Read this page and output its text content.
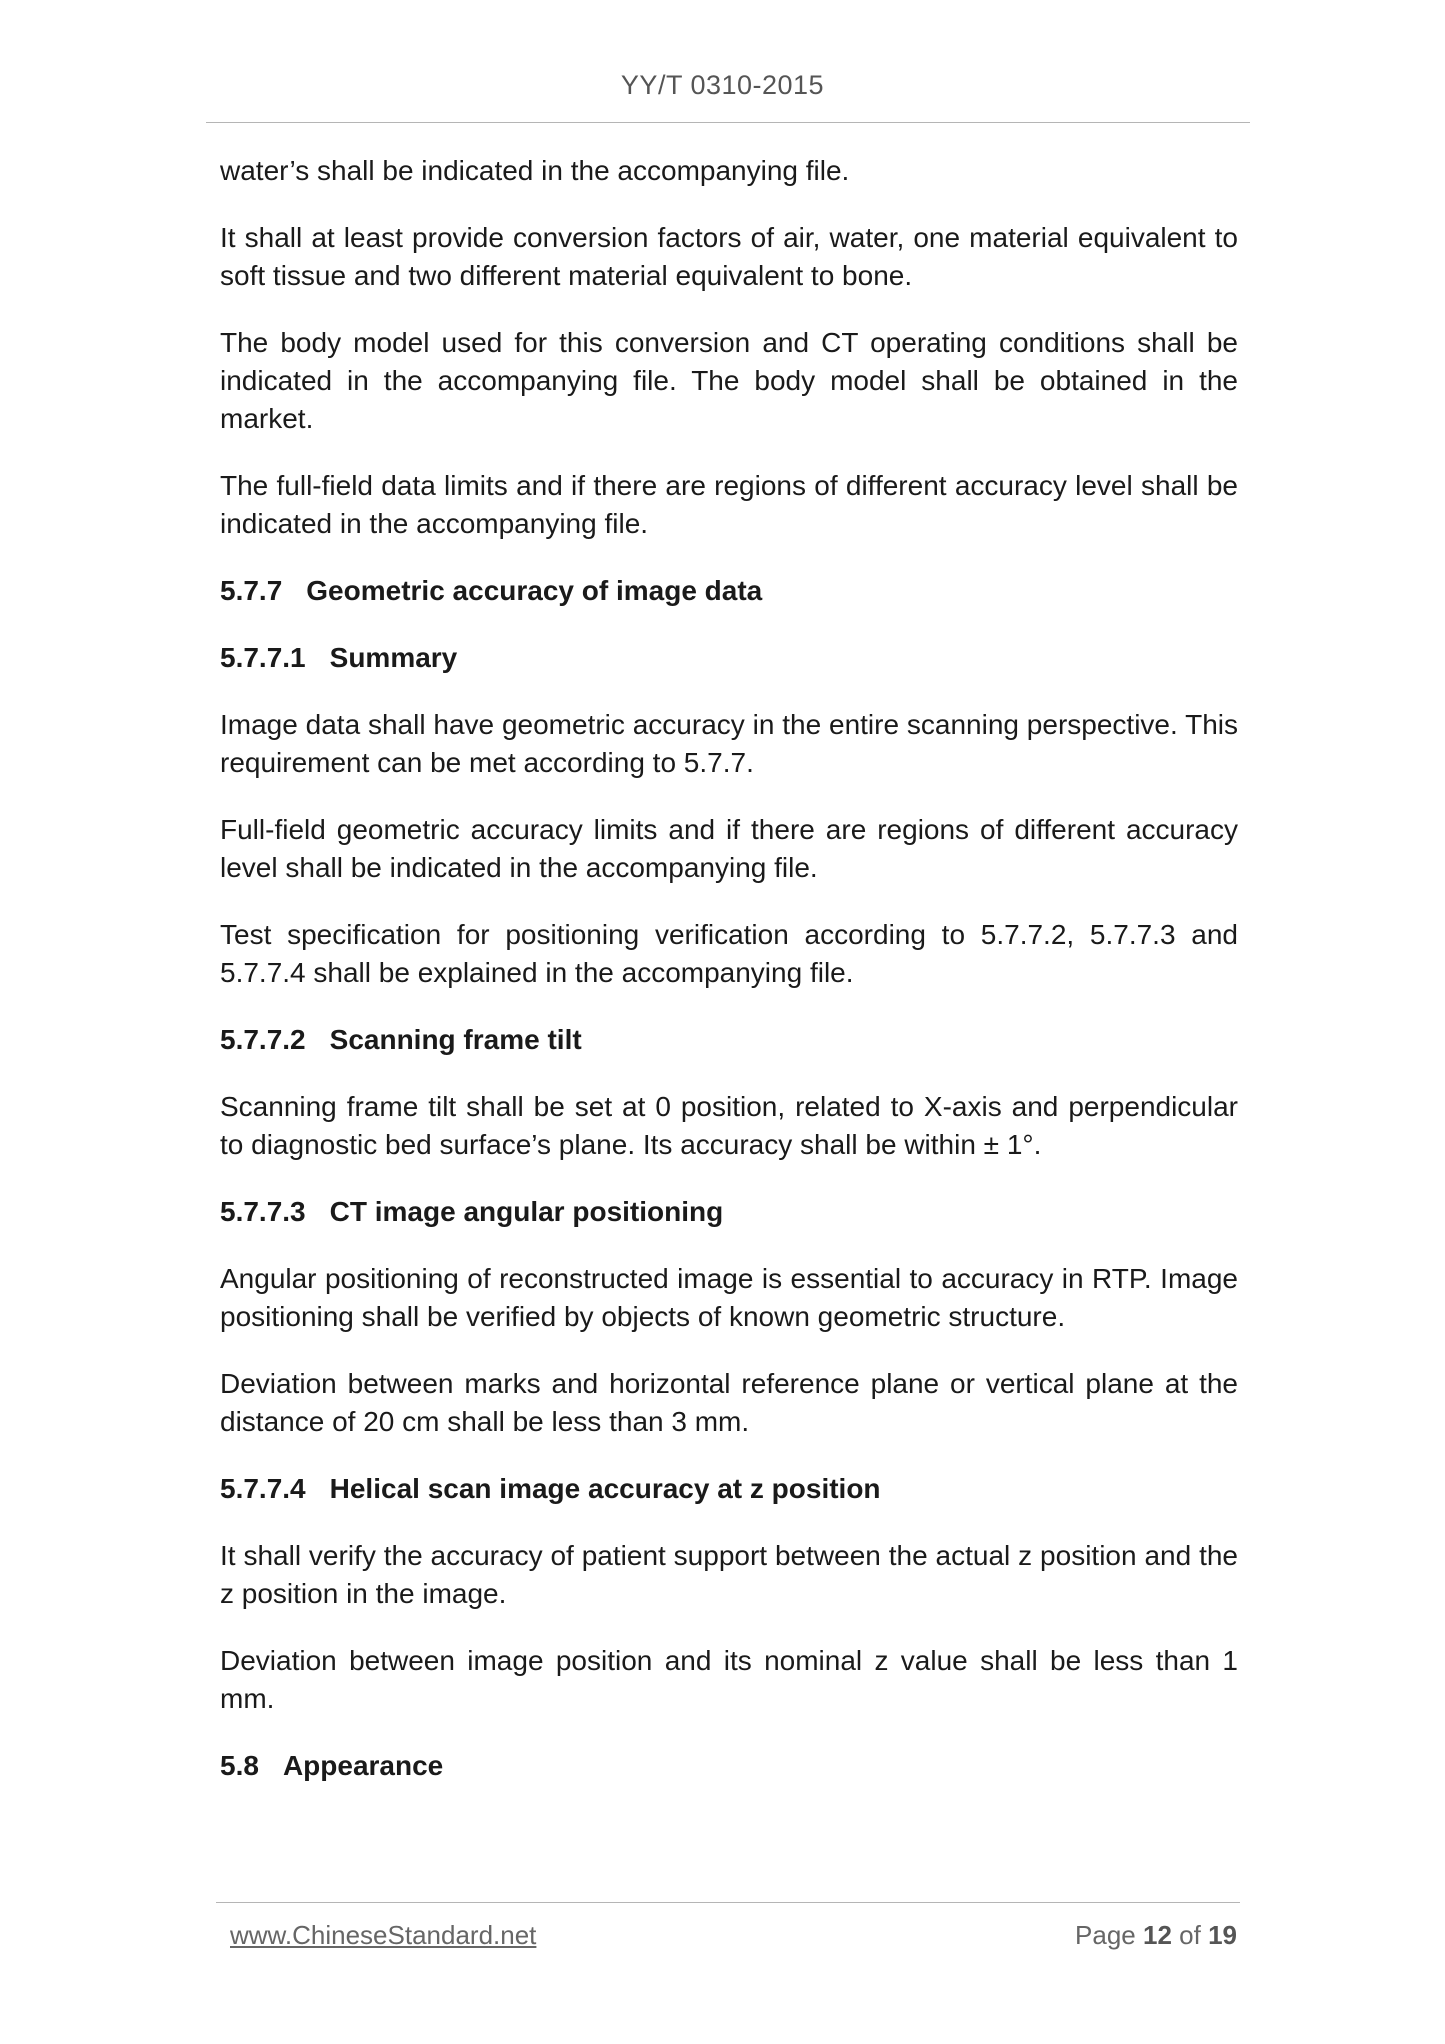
YY/T 0310-2015

water’s shall be indicated in the accompanying file.

It shall at least provide conversion factors of air, water, one material equivalent to soft tissue and two different material equivalent to bone.

The body model used for this conversion and CT operating conditions shall be indicated in the accompanying file. The body model shall be obtained in the market.

The full-field data limits and if there are regions of different accuracy level shall be indicated in the accompanying file.

5.7.7 Geometric accuracy of image data
5.7.7.1 Summary

Image data shall have geometric accuracy in the entire scanning perspective. This requirement can be met according to 5.7.7.

Full-field geometric accuracy limits and if there are regions of different accuracy level shall be indicated in the accompanying file.

Test specification for positioning verification according to 5.7.7.2, 5.7.7.3 and 5.7.7.4 shall be explained in the accompanying file.

5.7.7.2 Scanning frame tilt

Scanning frame tilt shall be set at 0 position, related to X-axis and perpendicular to diagnostic bed surface’s plane. Its accuracy shall be within ± 1°.

5.7.7.3 CT image angular positioning

Angular positioning of reconstructed image is essential to accuracy in RTP. Image positioning shall be verified by objects of known geometric structure.

Deviation between marks and horizontal reference plane or vertical plane at the distance of 20 cm shall be less than 3 mm.

5.7.7.4 Helical scan image accuracy at z position

It shall verify the accuracy of patient support between the actual z position and the z position in the image.

Deviation between image position and its nominal z value shall be less than 1 mm.

5.8 Appearance
www.ChineseStandard.net	Page 12 of 19
